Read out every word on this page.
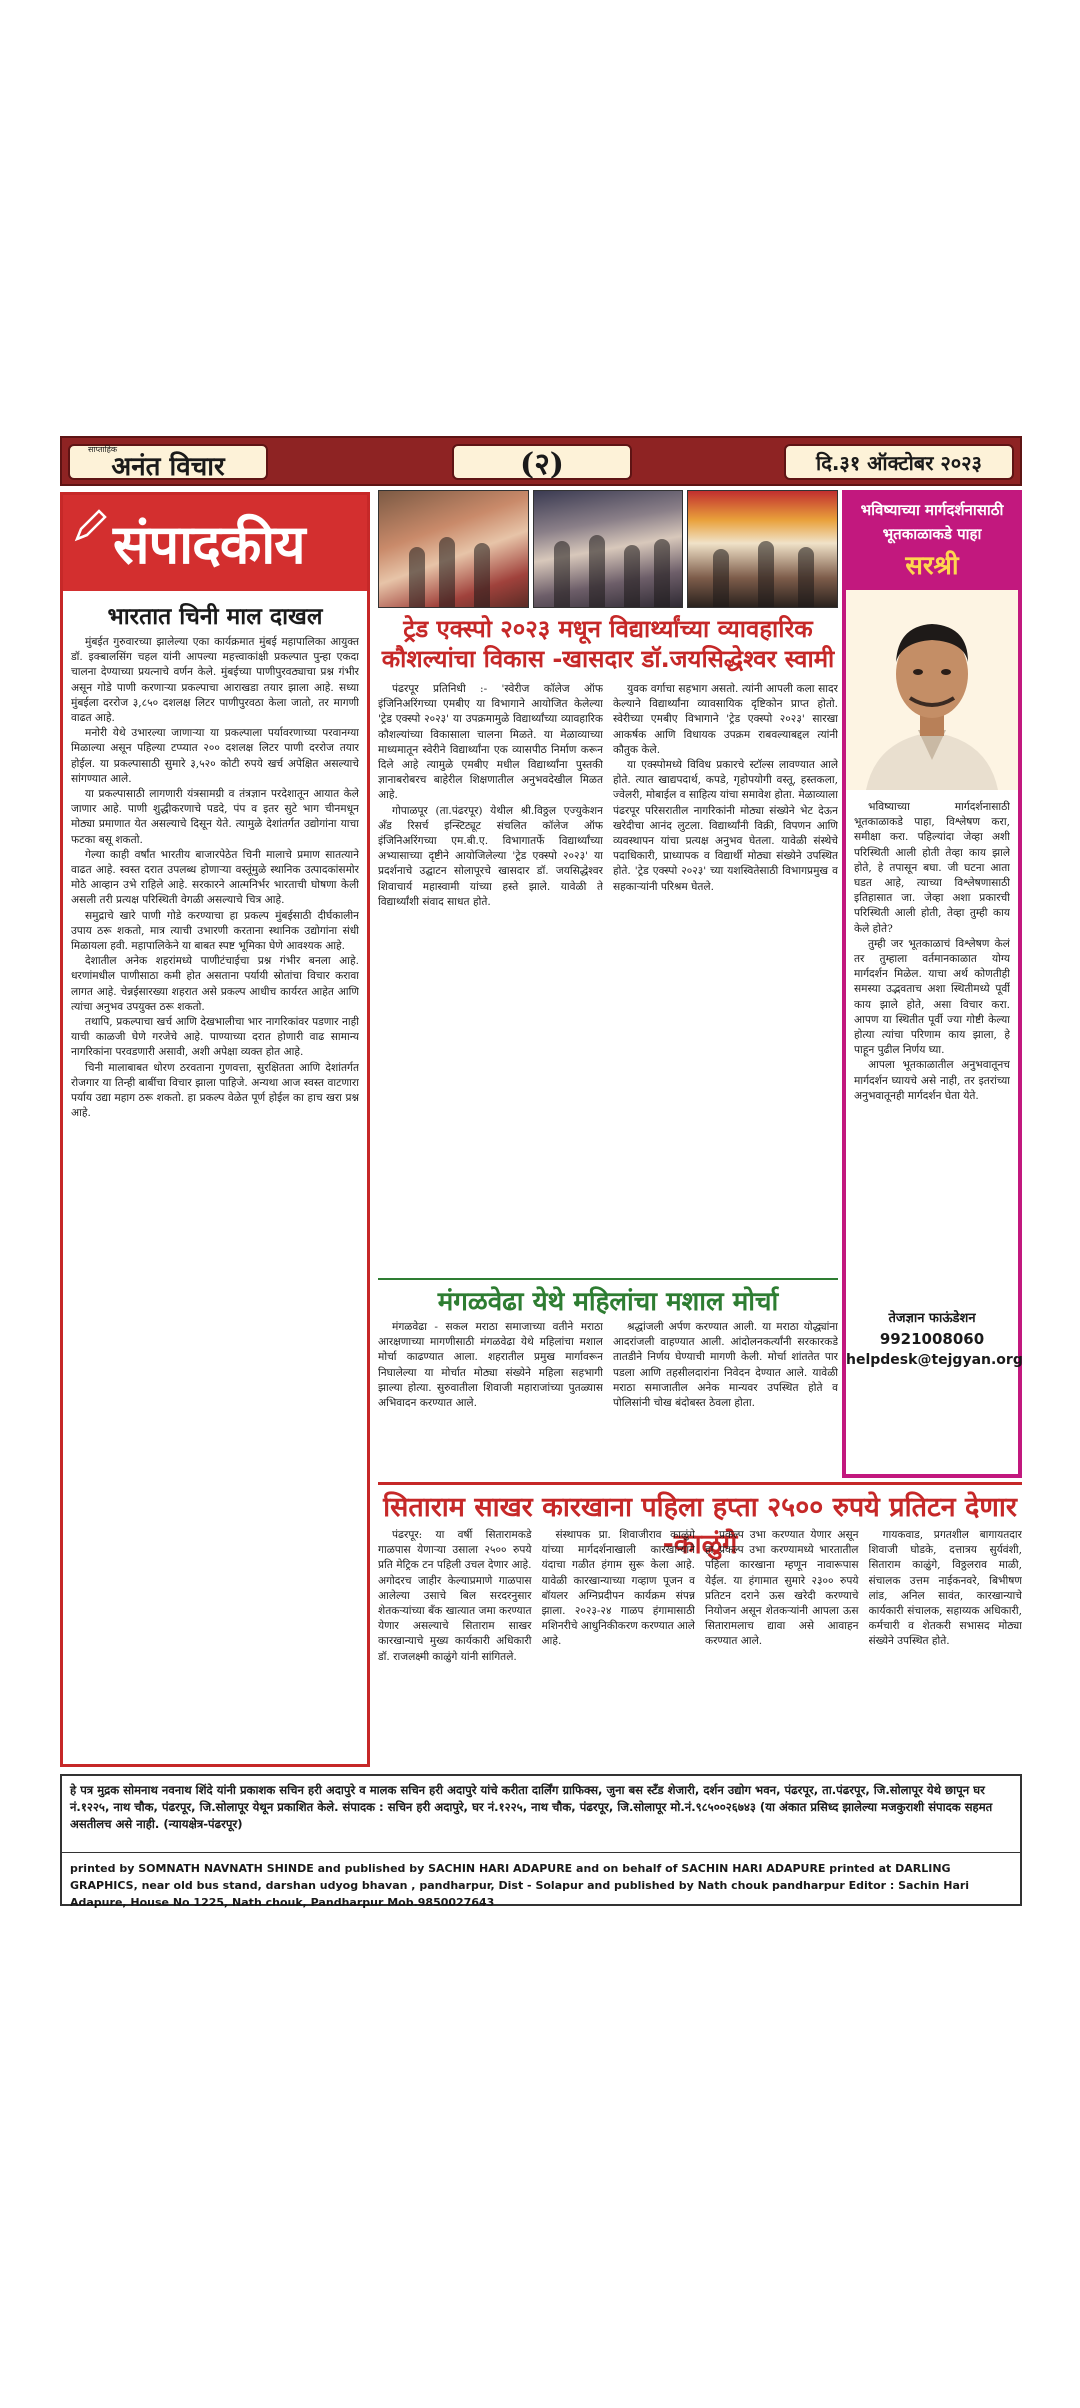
साप्ताहिक
अनंत विचार	(२)	दि.३१ ऑक्टोबर २०२३
संपादकीय
भारतात चिनी माल दाखल

मुंबईत गुरुवारच्या झालेल्या एका कार्यक्रमात मुंबई महापालिका आयुक्त डॉ. इक्बालसिंग चहल यांनी आपल्या महत्त्वाकांक्षी प्रकल्पात पुन्हा एकदा चालना देण्याच्या प्रयत्नाचे वर्णन केले. मुंबईच्या पाणीपुरवठ्याचा प्रश्न गंभीर असून गोडे पाणी करणाऱ्या प्रकल्पाचा आराखडा तयार झाला आहे. सध्या मुंबईला दररोज ३,८५० दशलक्ष लिटर पाणीपुरवठा केला जातो, तर मागणी वाढत आहे.

मनोरी येथे उभारल्या जाणाऱ्या या प्रकल्पाला पर्यावरणाच्या परवानग्या मिळाल्या असून पहिल्या टप्प्यात २०० दशलक्ष लिटर पाणी दररोज तयार होईल. या प्रकल्पासाठी सुमारे ३,५२० कोटी रुपये खर्च अपेक्षित असल्याचे सांगण्यात आले.

या प्रकल्पासाठी लागणारी यंत्रसामग्री व तंत्रज्ञान परदेशातून आयात केले जाणार आहे. पाणी शुद्धीकरणाचे पडदे, पंप व इतर सुटे भाग चीनमधून मोठ्या प्रमाणात येत असल्याचे दिसून येते. त्यामुळे देशांतर्गत उद्योगांना याचा फटका बसू शकतो.

गेल्या काही वर्षांत भारतीय बाजारपेठेत चिनी मालाचे प्रमाण सातत्याने वाढत आहे. स्वस्त दरात उपलब्ध होणाऱ्या वस्तूंमुळे स्थानिक उत्पादकांसमोर मोठे आव्हान उभे राहिले आहे. सरकारने आत्मनिर्भर भारताची घोषणा केली असली तरी प्रत्यक्ष परिस्थिती वेगळी असल्याचे चित्र आहे.

समुद्राचे खारे पाणी गोडे करण्याचा हा प्रकल्प मुंबईसाठी दीर्घकालीन उपाय ठरू शकतो, मात्र त्याची उभारणी करताना स्थानिक उद्योगांना संधी मिळायला हवी. महापालिकेने या बाबत स्पष्ट भूमिका घेणे आवश्यक आहे.

देशातील अनेक शहरांमध्ये पाणीटंचाईचा प्रश्न गंभीर बनला आहे. धरणांमधील पाणीसाठा कमी होत असताना पर्यायी स्रोतांचा विचार करावा लागत आहे. चेन्नईसारख्या शहरात असे प्रकल्प आधीच कार्यरत आहेत आणि त्यांचा अनुभव उपयुक्त ठरू शकतो.

तथापि, प्रकल्पाचा खर्च आणि देखभालीचा भार नागरिकांवर पडणार नाही याची काळजी घेणे गरजेचे आहे. पाण्याच्या दरात होणारी वाढ सामान्य नागरिकांना परवडणारी असावी, अशी अपेक्षा व्यक्त होत आहे.

चिनी मालाबाबत धोरण ठरवताना गुणवत्ता, सुरक्षितता आणि देशांतर्गत रोजगार या तिन्ही बाबींचा विचार झाला पाहिजे. अन्यथा आज स्वस्त वाटणारा पर्याय उद्या महाग ठरू शकतो. हा प्रकल्प वेळेत पूर्ण होईल का हाच खरा प्रश्न आहे.

ट्रेड एक्स्पो २०२३ मधून विद्यार्थ्यांच्या व्यावहारिक कौशल्यांचा विकास -खासदार डॉ.जयसिद्धेश्वर स्वामी

पंढरपूर प्रतिनिधी :- 'स्वेरीज कॉलेज ऑफ इंजिनिअरिंगच्या एमबीए या विभागाने आयोजित केलेल्या 'ट्रेड एक्स्पो २०२३' या उपक्रमामुळे विद्यार्थ्यांच्या व्यावहारिक कौशल्यांच्या विकासाला चालना मिळते. या मेळाव्याच्या माध्यमातून स्वेरीने विद्यार्थ्यांना एक व्यासपीठ निर्माण करून दिले आहे त्यामुळे एमबीए मधील विद्यार्थ्यांना पुस्तकी ज्ञानाबरोबरच बाहेरील शिक्षणातील अनुभवदेखील मिळत आहे.

गोपाळपूर (ता.पंढरपूर) येथील श्री.विठ्ठल एज्युकेशन अँड रिसर्च इन्स्टिट्यूट संचलित कॉलेज ऑफ इंजिनिअरिंगच्या एम.बी.ए. विभागातर्फे विद्यार्थ्यांच्या अभ्यासाच्या दृष्टीने आयोजिलेल्या 'ट्रेड एक्स्पो २०२३' या प्रदर्शनाचे उद्घाटन सोलापूरचे खासदार डॉ. जयसिद्धेश्वर शिवाचार्य महास्वामी यांच्या हस्ते झाले. यावेळी ते विद्यार्थ्यांशी संवाद साधत होते.

युवक वर्गाचा सहभाग असतो. त्यांनी आपली कला सादर केल्याने विद्यार्थ्यांना व्यावसायिक दृष्टिकोन प्राप्त होतो. स्वेरीच्या एमबीए विभागाने 'ट्रेड एक्स्पो २०२३' सारखा आकर्षक आणि विधायक उपक्रम राबवल्याबद्दल त्यांनी कौतुक केले.

या एक्स्पोमध्ये विविध प्रकारचे स्टॉल्स लावण्यात आले होते. त्यात खाद्यपदार्थ, कपडे, गृहोपयोगी वस्तू, हस्तकला, ज्वेलरी, मोबाईल व साहित्य यांचा समावेश होता. मेळाव्याला पंढरपूर परिसरातील नागरिकांनी मोठ्या संख्येने भेट देऊन खरेदीचा आनंद लुटला. विद्यार्थ्यांनी विक्री, विपणन आणि व्यवस्थापन यांचा प्रत्यक्ष अनुभव घेतला. यावेळी संस्थेचे पदाधिकारी, प्राध्यापक व विद्यार्थी मोठ्या संख्येने उपस्थित होते. 'ट्रेड एक्स्पो २०२३' च्या यशस्वितेसाठी विभागप्रमुख व सहकाऱ्यांनी परिश्रम घेतले.

मंगळवेढा येथे महिलांचा मशाल मोर्चा

मंगळवेढा - सकल मराठा समाजाच्या वतीने मराठा आरक्षणाच्या मागणीसाठी मंगळवेढा येथे महिलांचा मशाल मोर्चा काढण्यात आला. शहरातील प्रमुख मार्गावरून निघालेल्या या मोर्चात मोठ्या संख्येने महिला सहभागी झाल्या होत्या. सुरुवातीला शिवाजी महाराजांच्या पुतळ्यास अभिवादन करण्यात आले.

श्रद्धांजली अर्पण करण्यात आली. या मराठा योद्ध्यांना आदरांजली वाहण्यात आली. आंदोलनकर्त्यांनी सरकारकडे तातडीने निर्णय घेण्याची मागणी केली. मोर्चा शांततेत पार पडला आणि तहसीलदारांना निवेदन देण्यात आले. यावेळी मराठा समाजातील अनेक मान्यवर उपस्थित होते व पोलिसांनी चोख बंदोबस्त ठेवला होता.

भविष्याच्या मार्गदर्शनासाठी
भूतकाळाकडे पाहा
सरश्री

भविष्याच्या मार्गदर्शनासाठी भूतकाळाकडे पाहा, विश्लेषण करा, समीक्षा करा. पहिल्यांदा जेव्हा अशी परिस्थिती आली होती तेव्हा काय झाले होते, हे तपासून बघा. जी घटना आता घडत आहे, त्याच्या विश्लेषणासाठी इतिहासात जा. जेव्हा अशा प्रकारची परिस्थिती आली होती, तेव्हा तुम्ही काय केले होते?

तुम्ही जर भूतकाळाचं विश्लेषण केलं तर तुम्हाला वर्तमानकाळात योग्य मार्गदर्शन मिळेल. याचा अर्थ कोणतीही समस्या उद्भवताच अशा स्थितीमध्ये पूर्वी काय झाले होते, असा विचार करा. आपण या स्थितीत पूर्वी ज्या गोष्टी केल्या होत्या त्यांचा परिणाम काय झाला, हे पाहून पुढील निर्णय घ्या.

आपला भूतकाळातील अनुभवातूनच मार्गदर्शन घ्यायचे असे नाही, तर इतरांच्या अनुभवातूनही मार्गदर्शन घेता येते.

तेजज्ञान फाऊंडेशन
9921008060
helpdesk@tejgyan.org
सिताराम साखर कारखाना पहिला हप्ता २५०० रुपये प्रतिटन देणार -काळुंगे

पंढरपूर: या वर्षी सितारामकडे गाळपास येणाऱ्या उसाला २५०० रुपये प्रति मेट्रिक टन पहिली उचल देणार आहे. अगोदरच जाहीर केल्याप्रमाणे गाळपास आलेल्या उसाचे बिल सरदरनुसार शेतकऱ्यांच्या बँक खात्यात जमा करण्यात येणार असल्याचे सिताराम साखर कारखान्याचे मुख्य कार्यकारी अधिकारी डॉ. राजलक्ष्मी काळुंगे यांनी सांगितले.

संस्थापक प्रा. शिवाजीराव काळुंगे यांच्या मार्गदर्शनाखाली कारखान्याने यंदाचा गळीत हंगाम सुरू केला आहे. यावेळी कारखान्याच्या गव्हाण पूजन व बॉयलर अग्निप्रदीपन कार्यक्रम संपन्न झाला. २०२३-२४ गाळप हंगामासाठी मशिनरीचे आधुनिकीकरण करण्यात आले आहे.

प्रकल्प उभा करण्यात येणार असून हा प्रकल्प उभा करण्यामध्ये भारतातील पहिला कारखाना म्हणून नावारूपास येईल. या हंगामात सुमारे २३०० रुपये प्रतिटन दराने ऊस खरेदी करण्याचे नियोजन असून शेतकऱ्यांनी आपला ऊस सितारामलाच द्यावा असे आवाहन करण्यात आले.

गायकवाड, प्रगतशील बागायतदार शिवाजी घोडके, दत्तात्रय सुर्यवंशी, सिताराम काळुंगे, विठ्ठलराव माळी, संचालक उत्तम नाईकनवरे, बिभीषण लांड, अनिल सावंत, कारखान्याचे कार्यकारी संचालक, सहाय्यक अधिकारी, कर्मचारी व शेतकरी सभासद मोठ्या संख्येने उपस्थित होते.

हे पत्र मुद्रक सोमनाथ नवनाथ शिंदे यांनी प्रकाशक सचिन हरी अदापुरे व मालक सचिन हरी अदापुरे यांचे करीता दार्लिंग ग्राफिक्स, जुना बस स्टँड शेजारी, दर्शन उद्योग भवन, पंढरपूर, ता.पंढरपूर, जि.सोलापूर येथे छापून घर नं.१२२५, नाथ चौक, पंढरपूर, जि.सोलापूर येथून प्रकाशित केले. संपादक : सचिन हरी अदापुरे, घर नं.१२२५, नाथ चौक, पंढरपूर, जि.सोलापूर मो.नं.९८५००२६७४३ (या अंकात प्रसिध्द झालेल्या मजकुराशी संपादक सहमत असतीलच असे नाही. (न्यायक्षेत्र-पंढरपूर)
printed by SOMNATH NAVNATH SHINDE and published by SACHIN HARI ADAPURE and on behalf of SACHIN HARI ADAPURE printed at DARLING GRAPHICS, near old bus stand, darshan udyog bhavan , pandharpur, Dist - Solapur and published by Nath chouk pandharpur Editor : Sachin Hari Adapure, House No 1225, Nath chouk, Pandharpur Mob.9850027643
